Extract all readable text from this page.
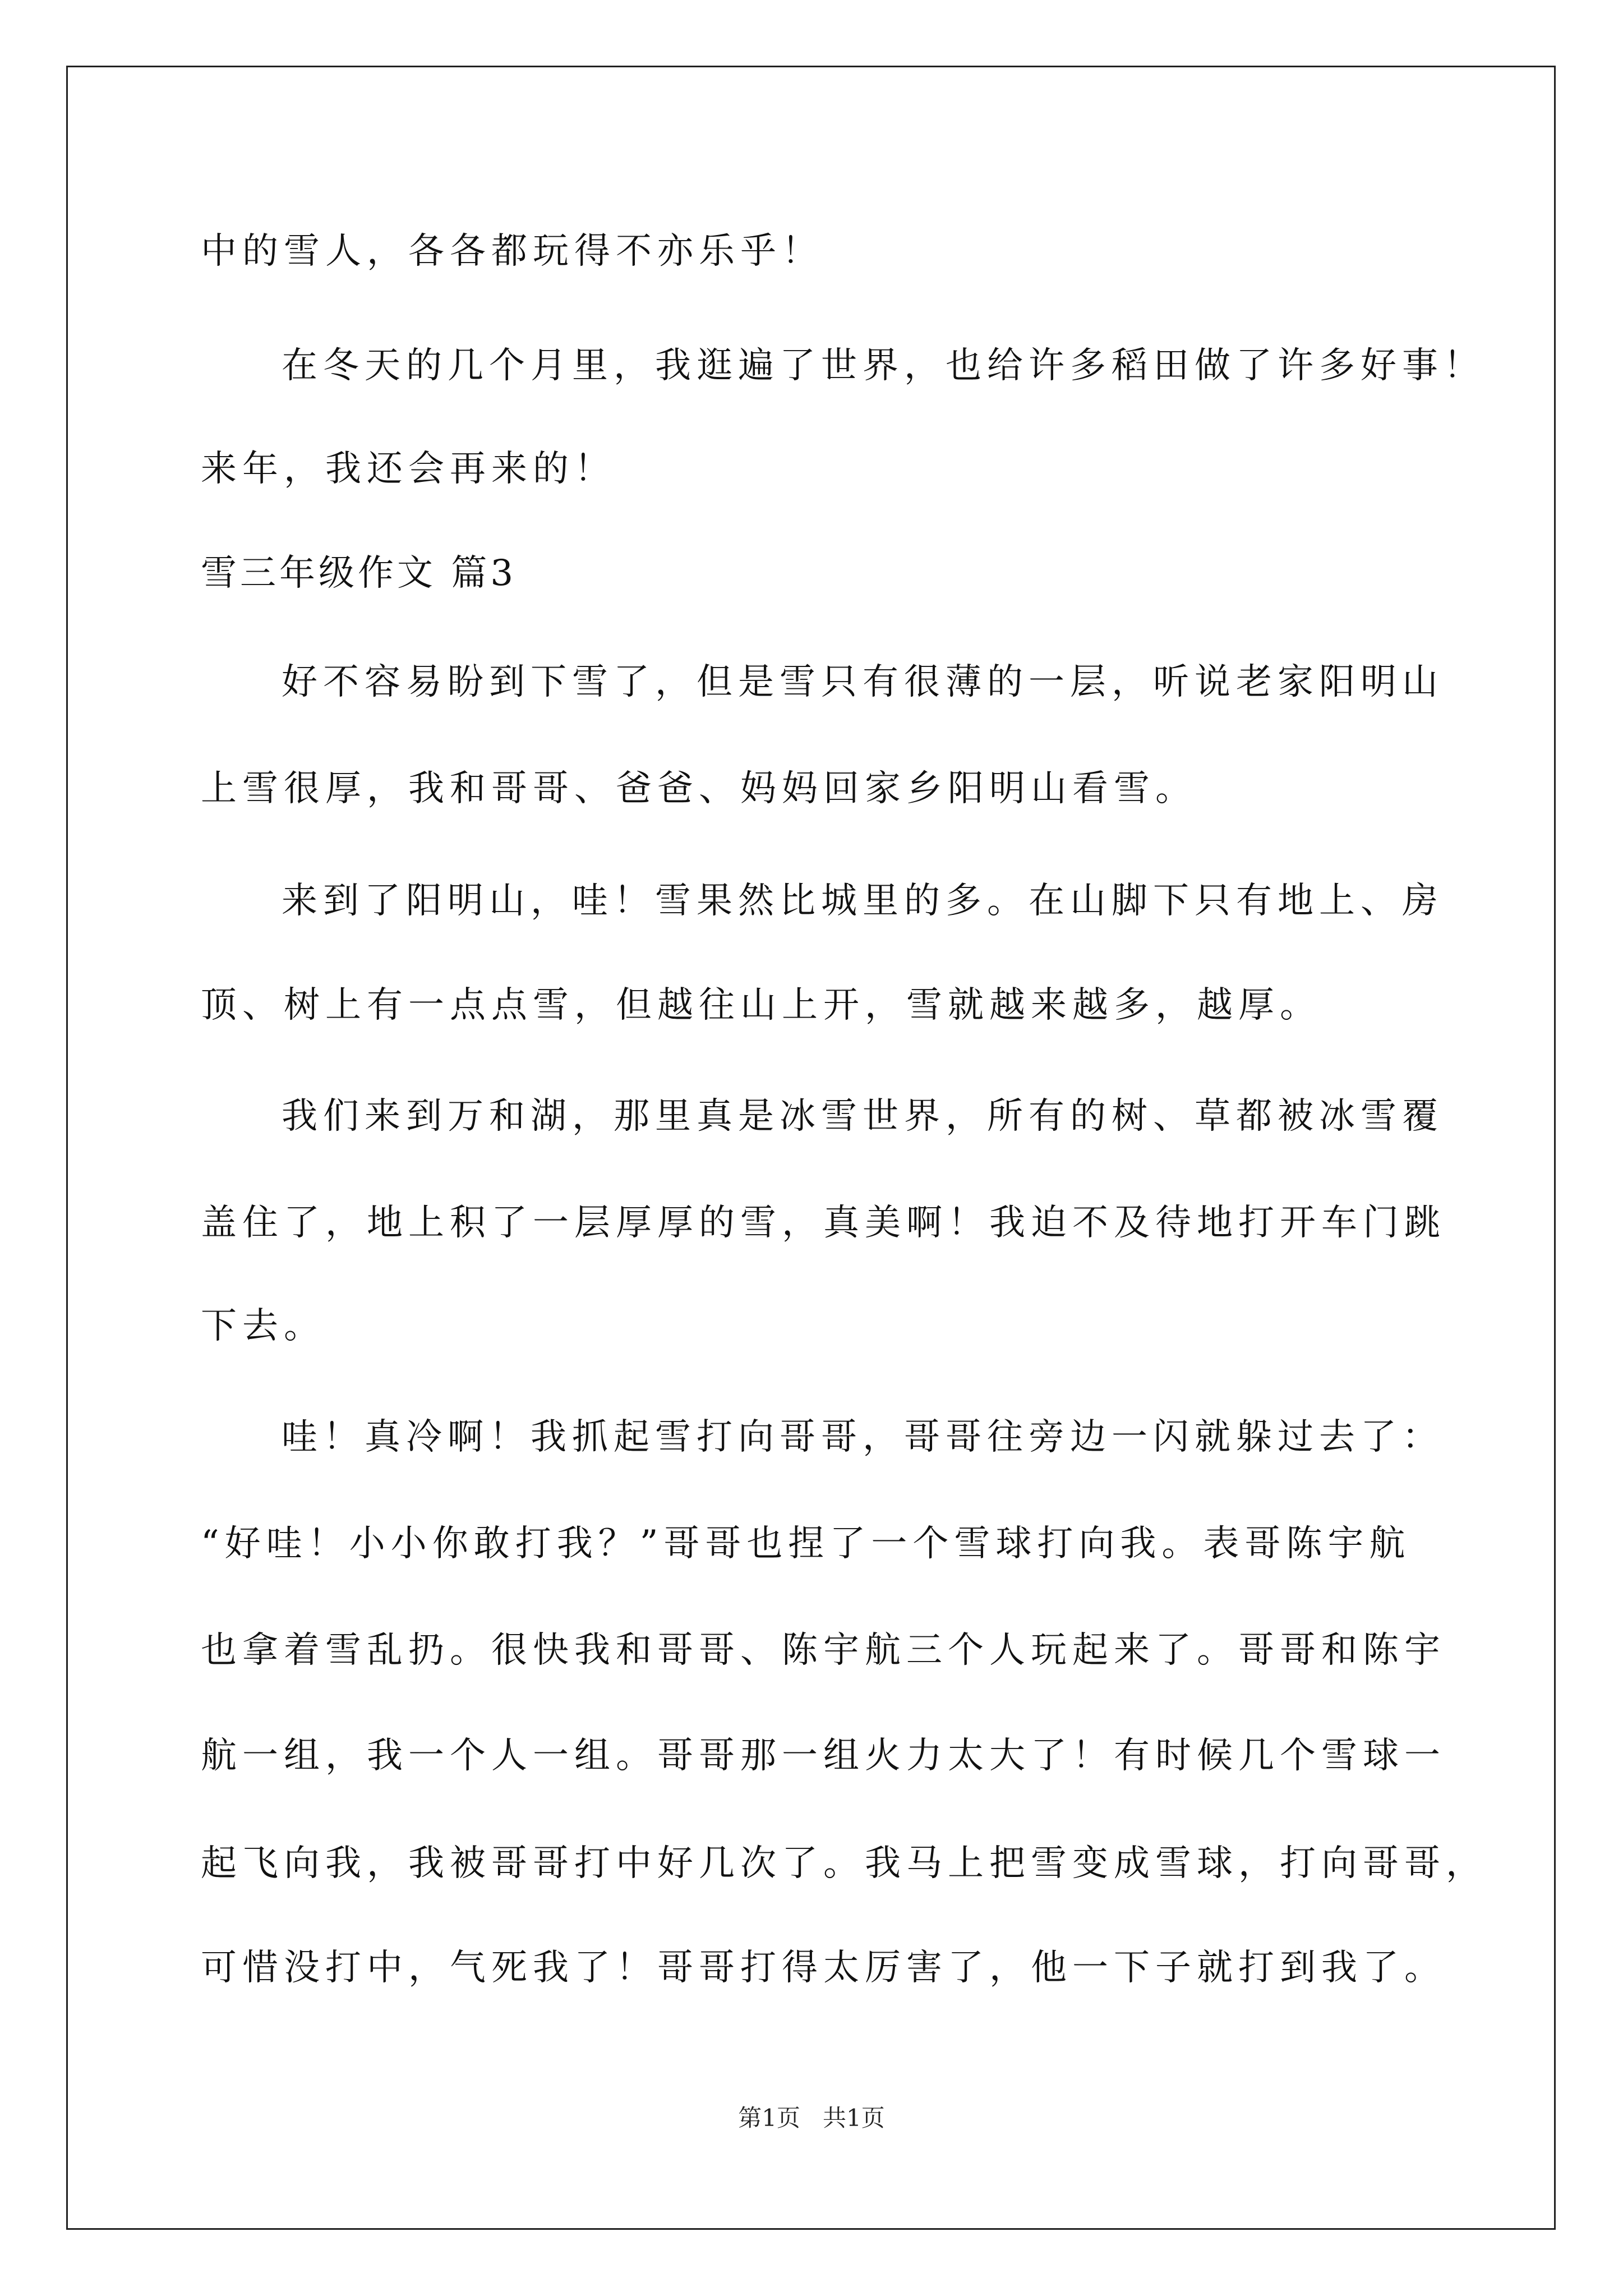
中的雪人，各各都玩得不亦乐乎！
在冬天的几个月里，我逛遍了世界，也给许多稻田做了许多好事！
来年，我还会再来的！
雪三年级作文 篇3
好不容易盼到下雪了，但是雪只有很薄的一层，听说老家阳明山
上雪很厚，我和哥哥、爸爸、妈妈回家乡阳明山看雪。
来到了阳明山，哇！雪果然比城里的多。在山脚下只有地上、房
顶、树上有一点点雪，但越往山上开，雪就越来越多，越厚。
我们来到万和湖，那里真是冰雪世界，所有的树、草都被冰雪覆
盖住了，地上积了一层厚厚的雪，真美啊！我迫不及待地打开车门跳
下去。
哇！真冷啊！我抓起雪打向哥哥，哥哥往旁边一闪就躲过去了：
“好哇！小小你敢打我？”哥哥也捏了一个雪球打向我。表哥陈宇航
也拿着雪乱扔。很快我和哥哥、陈宇航三个人玩起来了。哥哥和陈宇
航一组，我一个人一组。哥哥那一组火力太大了！有时候几个雪球一
起飞向我，我被哥哥打中好几次了。我马上把雪变成雪球，打向哥哥，
可惜没打中，气死我了！哥哥打得太厉害了，他一下子就打到我了。
第1页   共1页
